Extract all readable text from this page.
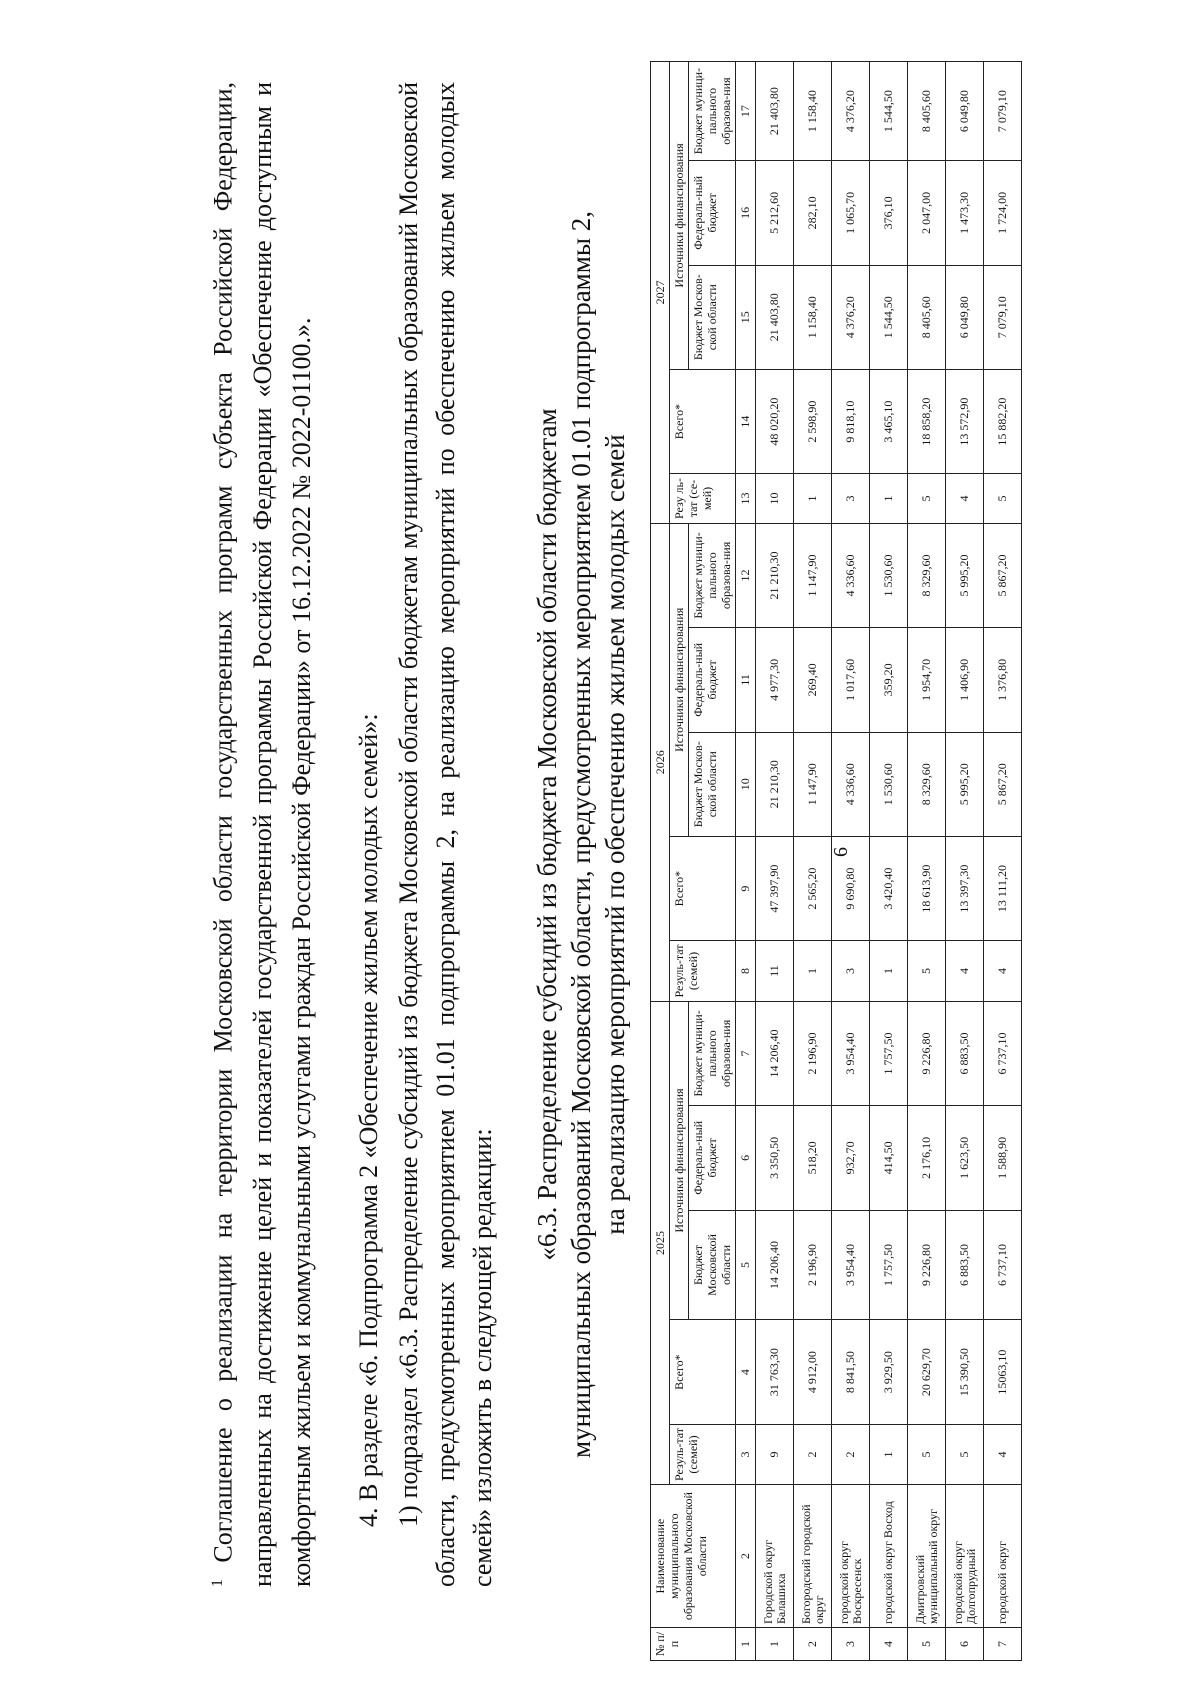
6
$^1$ Соглашение о реализации на территории Московской области государственных программ субъекта Российской Федерации, направленных на достижение целей и показателей государственной программы Российской Федерации «Обеспечение доступным и комфортным жильем и коммунальными услугами граждан Российской Федерации» от 16.12.2022 № 2022-01100.». 4. В разделе «6. Подпрограмма 2 «Обеспечение жильем молодых семей»: 1) подраздел «6.3. Распределение субсидий из бюджета Московской области бюджетам муниципальных образований Московской области, предусмотренных мероприятием 01.01 подпрограммы 2, на реализацию мероприятий по обеспечению жильем молодых семей» изложить в следующей редакции:
«6.3. Распределение субсидий из бюджета Московской области бюджетам муниципальных образований Московской области, предусмотренных мероприятием 01.01 подпрограммы 2, на реализацию мероприятий по обеспечению жильем молодых семей
№ п/п	Наименование муниципального образования Московской области	2025					2026					2027				
		Резуль-тат (семей)	Всего*	Источники финансирования			Резуль-тат (семей)	Всего*	Источники финансирования			Резу ль-тат (се-мей)	Всего*	Источники финансирования		
				Бюджет Московской области	Федераль-ный бюджет	Бюджет муници-пального образова-ния			Бюджет Москов-ской области	Федераль-ный бюджет	Бюджет муници-пального образова-ния			Бюджет Москов-ской области	Федераль-ный бюджет	Бюджет муници-пального образова-ния
1	2	3	4	5	6	7	8	9	10	11	12	13	14	15	16	17
1	Городской округ Балашиха	9	31 763,30	14 206,40	3 350,50	14 206,40	11	47 397,90	21 210,30	4 977,30	21 210,30	10	48 020,20	21 403,80	5 212,60	21 403,80
2	Богородский городской округ	2	4 912,00	2 196,90	518,20	2 196,90	1	2 565,20	1 147,90	269,40	1 147,90	1	2 598,90	1 158,40	282,10	1 158,40
3	городской округ Воскресенск	2	8 841,50	3 954,40	932,70	3 954,40	3	9 690,80	4 336,60	1 017,60	4 336,60	3	9 818,10	4 376,20	1 065,70	4 376,20
4	городской округ Восход	1	3 929,50	1 757,50	414,50	1 757,50	1	3 420,40	1 530,60	359,20	1 530,60	1	3 465,10	1 544,50	376,10	1 544,50
5	Дмитровский муниципальный округ	5	20 629,70	9 226,80	2 176,10	9 226,80	5	18 613,90	8 329,60	1 954,70	8 329,60	5	18 858,20	8 405,60	2 047,00	8 405,60
6	городской округ Долгопрудный	5	15 390,50	6 883,50	1 623,50	6 883,50	4	13 397,30	5 995,20	1 406,90	5 995,20	4	13 572,90	6 049,80	1 473,30	6 049,80
7	городской округ	4	15063,10	6 737,10	1 588,90	6 737,10	4	13 111,20	5 867,20	1 376,80	5 867,20	5	15 882,20	7 079,10	1 724,00	7 079,10
